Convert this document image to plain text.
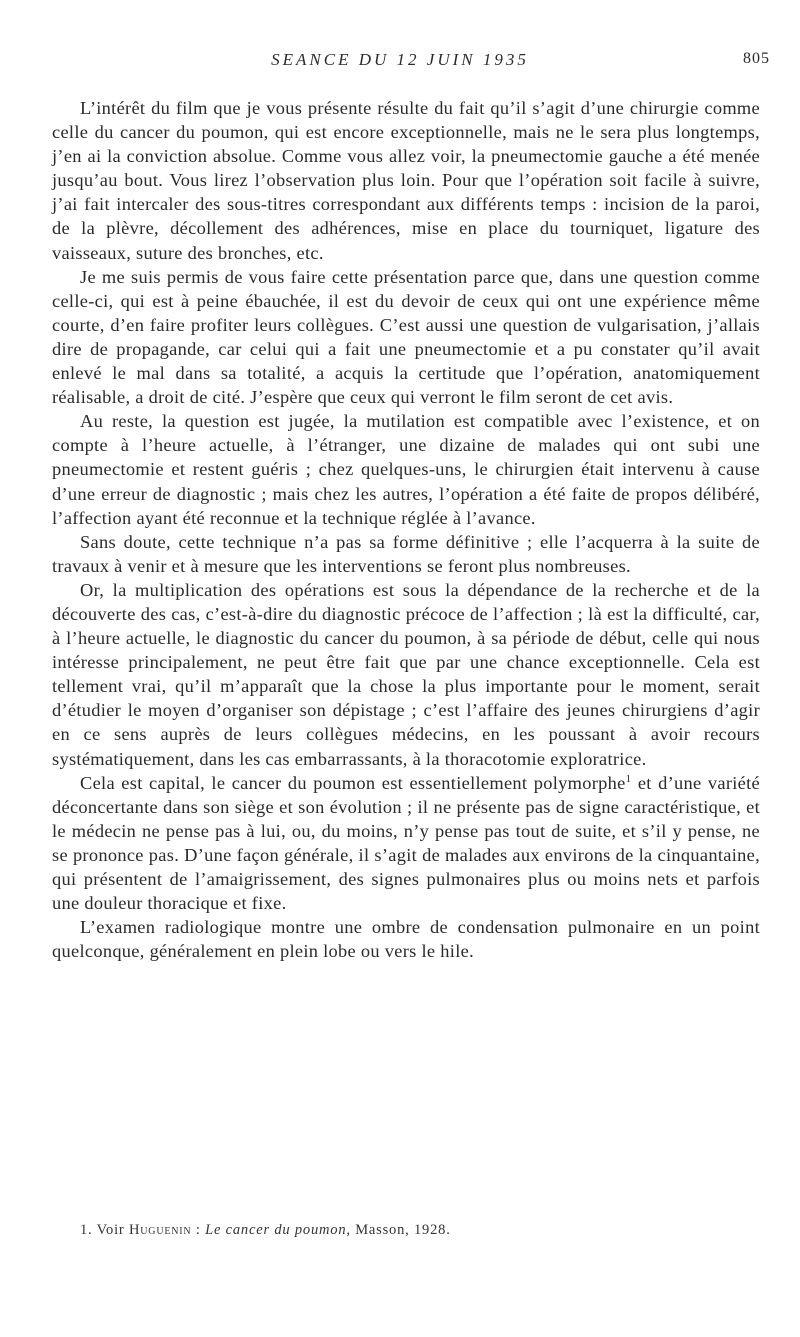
SEANCE DU 12 JUIN 1935	805

L’intérêt du film que je vous présente résulte du fait qu’il s’agit d’une chirurgie comme celle du cancer du poumon, qui est encore exceptionnelle, mais ne le sera plus longtemps, j’en ai la conviction absolue. Comme vous allez voir, la pneumectomie gauche a été menée jusqu’au bout. Vous lirez l’observation plus loin. Pour que l’opération soit facile à suivre, j’ai fait intercaler des sous-titres correspondant aux différents temps : incision de la paroi, de la plèvre, décollement des adhérences, mise en place du tourniquet, ligature des vaisseaux, suture des bronches, etc.

Je me suis permis de vous faire cette présentation parce que, dans une question comme celle-ci, qui est à peine ébauchée, il est du devoir de ceux qui ont une expérience même courte, d’en faire profiter leurs collègues. C’est aussi une question de vulgarisation, j’allais dire de propagande, car celui qui a fait une pneumectomie et a pu constater qu’il avait enlevé le mal dans sa totalité, a acquis la certitude que l’opération, anatomiquement réalisable, a droit de cité. J’espère que ceux qui verront le film seront de cet avis.

Au reste, la question est jugée, la mutilation est compatible avec l’existence, et on compte à l’heure actuelle, à l’étranger, une dizaine de malades qui ont subi une pneumectomie et restent guéris ; chez quelques-uns, le chirurgien était intervenu à cause d’une erreur de diagnostic ; mais chez les autres, l’opération a été faite de propos délibéré, l’affection ayant été reconnue et la technique réglée à l’avance.

Sans doute, cette technique n’a pas sa forme définitive ; elle l’acquerra à la suite de travaux à venir et à mesure que les interventions se feront plus nombreuses.

Or, la multiplication des opérations est sous la dépendance de la recherche et de la découverte des cas, c’est-à-dire du diagnostic précoce de l’affection ; là est la difficulté, car, à l’heure actuelle, le diagnostic du cancer du poumon, à sa période de début, celle qui nous intéresse principalement, ne peut être fait que par une chance exceptionnelle. Cela est tellement vrai, qu’il m’apparaît que la chose la plus importante pour le moment, serait d’étudier le moyen d’organiser son dépistage ; c’est l’affaire des jeunes chirurgiens d’agir en ce sens auprès de leurs collègues médecins, en les poussant à avoir recours systématiquement, dans les cas embarrassants, à la thoracotomie exploratrice.

Cela est capital, le cancer du poumon est essentiellement polymorphe$^1$ et d’une variété déconcertante dans son siège et son évolution ; il ne présente pas de signe caractéristique, et le médecin ne pense pas à lui, ou, du moins, n’y pense pas tout de suite, et s’il y pense, ne se prononce pas. D’une façon générale, il s’agit de malades aux environs de la cinquantaine, qui présentent de l’amaigrissement, des signes pulmonaires plus ou moins nets et parfois une douleur thoracique et fixe.

L’examen radiologique montre une ombre de condensation pulmonaire en un point quelconque, généralement en plein lobe ou vers le hile.

1. Voir Huguenin : Le cancer du poumon, Masson, 1928.
